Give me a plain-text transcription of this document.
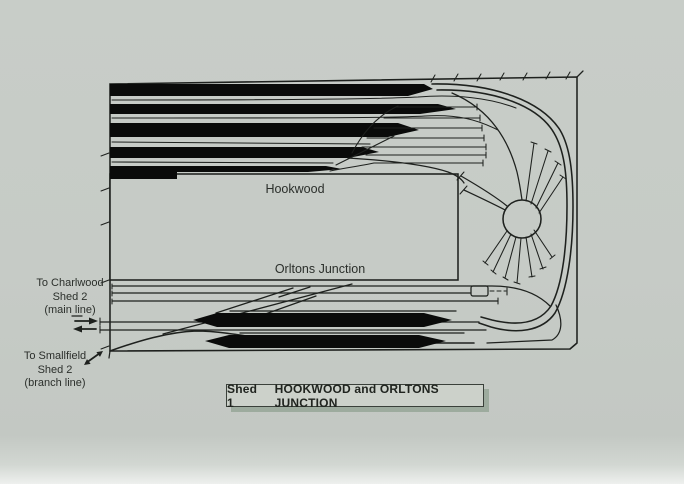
Hookwood
Orltons Junction
To Charlwood
Shed 2
(main line)
To Smallfield
Shed 2
(branch line)	Shed 1
HOOKWOOD and ORLTONS JUNCTION
